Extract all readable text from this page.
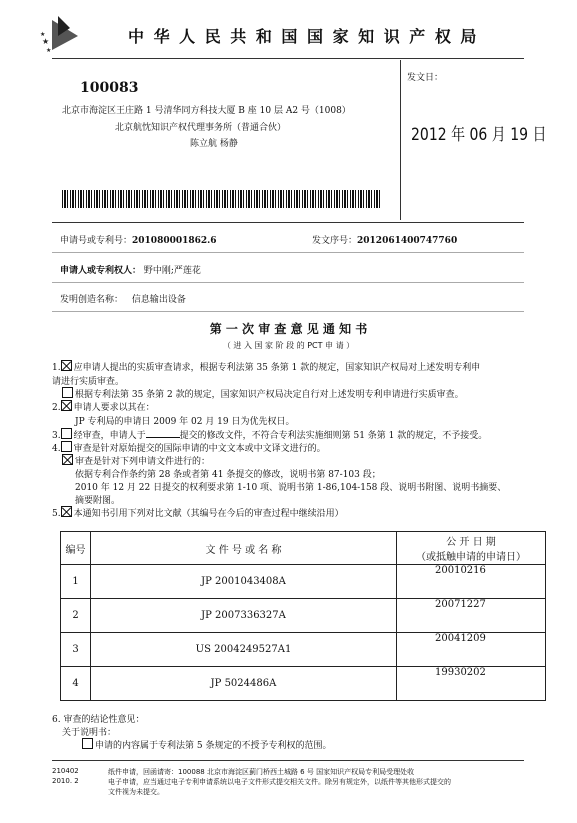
★
★
★	中 华 人 民 共 和 国 国 家 知 识 产 权 局
100083
北京市海淀区王庄路 1 号清华同方科技大厦 B 座 10 层 A2 号（1008）
北京航忱知识产权代理事务所（普通合伙）
陈立航 杨静
发文日：
2012 年 06 月 19 日
申请号或专利号：201080001862.6	发文序号：2012061400747760
申请人或专利权人： 野中刚;严莲花
发明创造名称： 信息输出设备
第 一 次 审 查 意 见 通 知 书
（ 进 入 国 家 阶 段 的 PCT 申 请 ）
1. 应申请人提出的实质审查请求，根据专利法第 35 条第 1 款的规定，国家知识产权局对上述发明专利申
请进行实质审查。
根据专利法第 35 条第 2 款的规定，国家知识产权局决定自行对上述发明专利申请进行实质审查。
2. 申请人要求以其在：
JP 专利局的申请日 2009 年 02 月 19 日为优先权日。
3. 经审查，申请人于	提交的修改文件，不符合专利法实施细则第 51 条第 1 款的规定，不予接受。
4. 审查是针对原始提交的国际申请的中文文本或中文译文进行的。
审查是针对下列申请文件进行的：
依据专利合作条约第 28 条或者第 41 条提交的修改，说明书第 87-103 段；
2010 年 12 月 22 日提交的权利要求第 1-10 项、说明书第 1-86,104-158 段、说明书附图、说明书摘要、
摘要附图。
5. 本通知书引用下列对比文献（其编号在今后的审查过程中继续沿用）
编号	文 件 号 或 名 称	公 开 日 期
（或抵触申请的申请日）

1	JP 2001043408A	20010216
2	JP 2007336327A	20071227
3	US 2004249527A1	20041209
4	JP 5024486A	19930202
6. 审查的结论性意见：
关于说明书：
申请的内容属于专利法第 5 条规定的不授予专利权的范围。
210402
2010. 2
纸件申请，回函请寄：100088 北京市海淀区蓟门桥西土城路 6 号 国家知识产权局专利局受理处收
电子申请，应当通过电子专利申请系统以电子文件形式提交相关文件。除另有规定外，以纸件等其他形式提交的
文件视为未提交。
